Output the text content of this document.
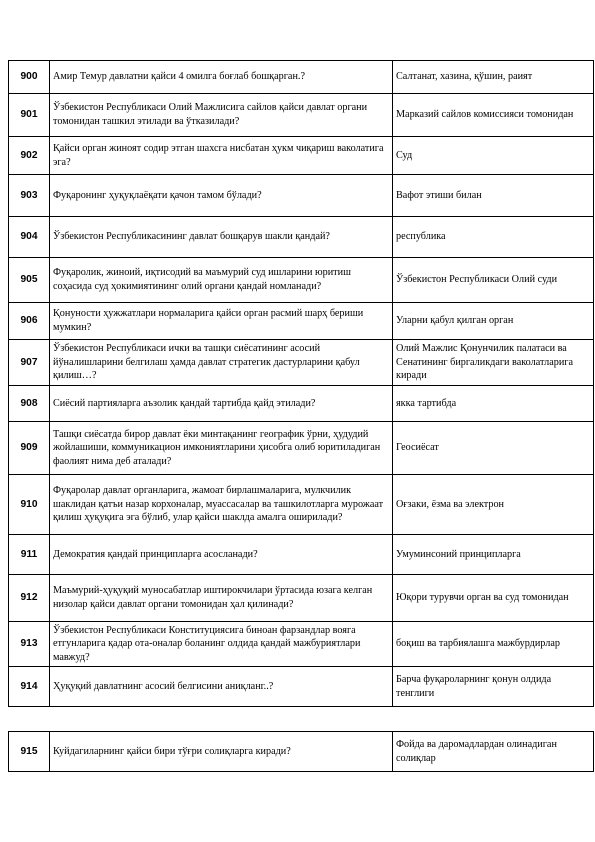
900	Амир Темур давлатни қайси 4 омилга боғлаб бошқарган.?	Салтанат, хазина, қўшин, раият
901	Ўзбекистон Республикаси Олий Мажлисига сайлов қайси давлат органи томонидан ташкил этилади ва ўтказилади?	Марказий сайлов комиссияси томонидан
902	Қайси орган жиноят содир этган шахсга нисбатан ҳукм чиқариш ваколатига эга?	Суд
903	Фуқаронинг ҳуқуқлаёқати қачон тамом бўлади?	Вафот этиши билан
904	Ўзбекистон Республикасининг давлат бошқарув шакли қандай?	республика
905	Фуқаролик, жиноий, иқтисодий ва маъмурий суд ишларини юритиш соҳасида суд ҳокимиятининг олий органи қандай номланади?	Ўзбекистон Республикаси Олий суди
906	Қонуности ҳужжатлари нормаларига қайси орган расмий шарҳ бериши мумкин?	Уларни қабул қилган орган
907	Ўзбекистон Республикаси ички ва ташқи сиёсатининг асосий йўналишларини белгилаш ҳамда давлат стратегик дастурларини қабул қилиш…?	Олий Мажлис Қонунчилик палатаси ва Сенатининг биргаликдаги ваколатларига киради
908	Сиёсий партияларга аъзолик қандай тартибда қайд этилади?	якка тартибда
909	Ташқи сиёсатда бирор давлат ёки минтақанинг географик ўрни, ҳудудий жойлашиши, коммуникацион имкониятларини ҳисобга олиб юритиладиган фаолият нима деб аталади?	Геосиёсат
910	Фуқаролар давлат органларига, жамоат бирлашмаларига, мулкчилик шаклидан қатъи назар корхоналар, муассасалар ва ташкилотларга мурожаат қилиш ҳуқуқига эга бўлиб, улар қайси шаклда амалга оширилади?	Оғзаки, ёзма ва электрон
911	Демократия қандай принципларга асосланади?	Умуминсоний принципларга
912	Маъмурий-ҳуқуқий муносабатлар иштирокчилари ўртасида юзага келган низолар қайси давлат органи томонидан ҳал қилинади?	Юқори турувчи орган ва суд томонидан
913	Ўзбекистон Республикаси Конституциясига биноан фарзандлар вояга етгунларига қадар ота-оналар боланинг олдида қандай мажбуриятлари мавжуд?	боқиш ва тарбиялашга мажбурдирлар
914	Ҳуқуқий давлатнинг асосий белгисини аниқланг..?	Барча фуқароларнинг қонун олдида тенглиги
915	Куйдагиларнинг қайси бири тўғри солиқларга киради?	Фойда ва даромадлардан олинадиган солиқлар
